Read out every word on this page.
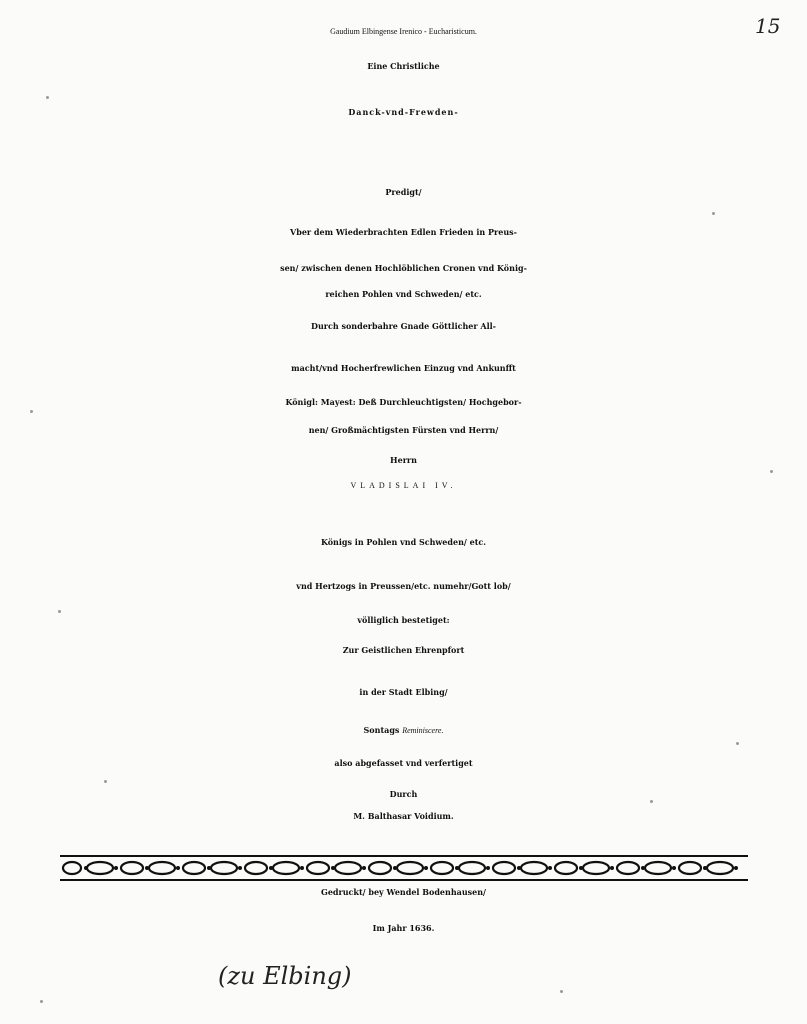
15
Gaudium Elbingense Irenico - Eucharisticum.
Eine Christliche
Danck-vnd-Frewden-
Predigt/
Vber dem Wiederbrachten Edlen Frieden in Preus-
sen/ zwischen denen Hochlöblichen Cronen vnd König-
reichen Pohlen vnd Schweden/ etc.
Durch sonderbahre Gnade Göttlicher All-
macht/vnd Hocherfrewlichen Einzug vnd Ankunfft
Königl: Mayest: Deß Durchleuchtigsten/ Hochgebor-
nen/ Großmächtigsten Fürsten vnd Herrn/
Herrn
VLADISLAI IV.
Königs in Pohlen vnd Schweden/ etc.
vnd Hertzogs in Preussen/etc. numehr/Gott lob/
völliglich bestetiget:
Zur Geistlichen Ehrenpfort
in der Stadt Elbing/
Sontags Reminiscere.
also abgefasset vnd verfertiget
Durch
M. Balthasar Voidium.
Gedruckt/ bey Wendel Bodenhausen/
Im Jahr 1636.
(zu Elbing)
